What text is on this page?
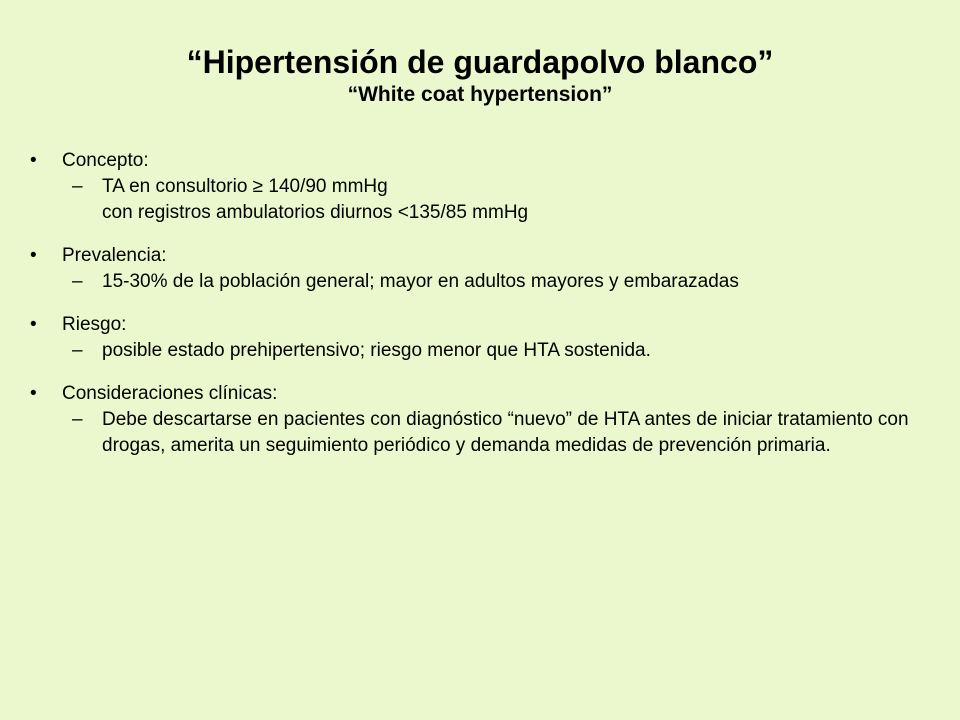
“Hipertensión de guardapolvo blanco”
“White coat hypertension”
• Concepto:
– TA en consultorio ≥ 140/90 mmHg
con registros ambulatorios diurnos <135/85 mmHg
• Prevalencia:
– 15-30% de la población general; mayor en adultos mayores y embarazadas
• Riesgo:
– posible estado prehipertensivo; riesgo menor que HTA sostenida.
• Consideraciones clínicas:
– Debe descartarse en pacientes con diagnóstico “nuevo” de HTA antes de iniciar tratamiento con drogas, amerita un seguimiento periódico y demanda medidas de prevención primaria.
